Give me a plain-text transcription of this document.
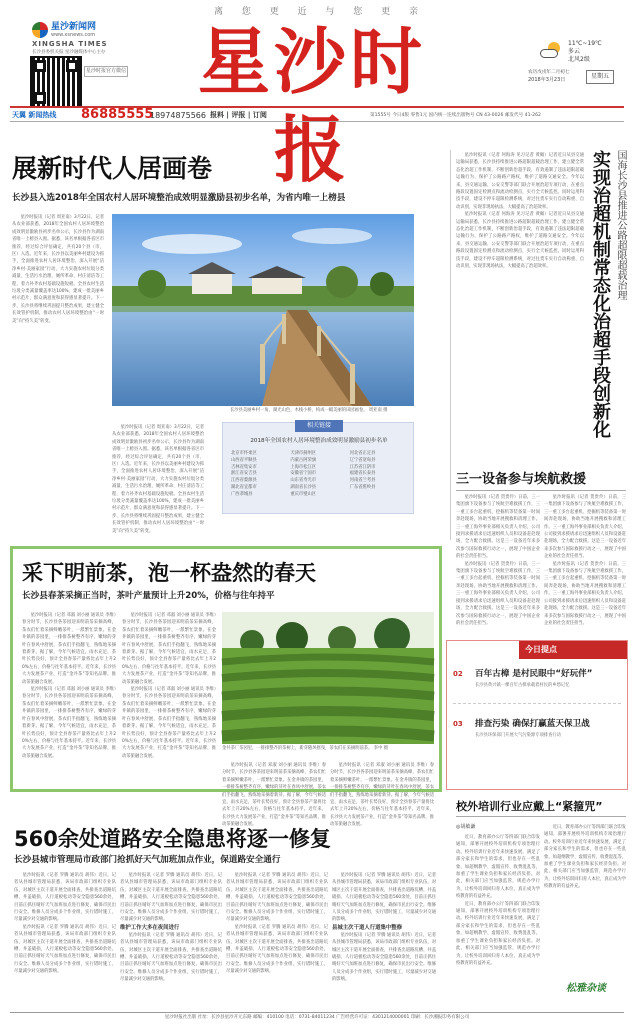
离 您 更 近 与 您 更 亲
星沙新闻网
www.xsnews.com
XINGSHA TIMES
长沙县委机关报 星沙融媒体中心主办
星沙时报官方微信 星沙时报
11℃~19℃
多云
北风2级
农历戊戌年二月初七
2018年3月23日	星期五
天翼 新闻热线 86885555
18974875566 报料 | 评报 | 订阅	第1555号 今日4版 零售1元 国内统一连续出版物号 CN 43-0026 邮发代号 41-262
展新时代人居画卷
长沙县入选2018年全国农村人居环境整治成效明显激励县初步名单，为省内唯一上榜县

星沙时报讯（记者 周亚南）3月22日，记者从农业部获悉，2018年全国农村人居环境整治成效明显激励县初步名单公示，长沙县作为湖南省唯一上榜县入围。据悉，该名单根据各省区市推荐，经过综合评估确定，共有20个县（市、区）入选。近年来，长沙县以美丽乡村建设为抓手，全面推进农村人居环境整治，深入开展“洁净乡村·美丽家园”行动，大力实施农村垃圾分类减量、生活污水治理、厕所革命、村庄清洁等工程，着力补齐农村基础设施短板。全县农村生活垃圾分类减量覆盖率达100%，建成一批美丽乡村示范片，群众满意度和获得感显著提升。下一步，长沙县将继续巩固提升整治成果，建立健全长效管护机制，推动农村人居环境整治由“一时美”向“持久美”转变。

长沙县美丽乡村一角，湖光山色、木栈小桥，构成一幅美丽的田园画卷。 周亚南 摄

星沙时报讯（记者 周亚南）3月22日，记者从农业部获悉，2018年全国农村人居环境整治成效明显激励县初步名单公示，长沙县作为湖南省唯一上榜县入围。据悉，该名单根据各省区市推荐，经过综合评估确定，共有20个县（市、区）入选。近年来，长沙县以美丽乡村建设为抓手，全面推进农村人居环境整治，深入开展“洁净乡村·美丽家园”行动，大力实施农村垃圾分类减量、生活污水治理、厕所革命、村庄清洁等工程，着力补齐农村基础设施短板。全县农村生活垃圾分类减量覆盖率达100%，建成一批美丽乡村示范片，群众满意度和获得感显著提升。下一步，长沙县将继续巩固提升整治成果，建立健全长效管护机制，推动农村人居环境整治由“一时美”向“持久美”转变。

相关链接
2018年全国农村人居环境整治成效明显激励县初步名单
北京市怀柔区	天津市蓟州区	河北省正定县
山西省平顺县	内蒙古阿荣旗	辽宁省宽甸县
吉林省集安市	上海市松江区	江苏省江阴市
浙江省安吉县	安徽省宁国市	福建省长泰县
江西省婺源县	山东省寿光市	河南省兰考县
湖北省宜都市	湖南省长沙县	广东省蕉岭县
广西恭城县	重庆市璧山区

星沙时报讯（记者 何海涛 见习记者 黄佩）记者近日从县交通运输局获悉，长沙县持续推进公路超限超载治理工作，建立健全常态化治超工作机制，不断创新治超手段，有效遏制了违法超限超载运输行为，保护了公路路产路权，维护了道路交通安全。今年以来，县交通运输、公安交警等部门联合开展治超专项行动，在重点路段设置固定检测点和流动检测点，实行全天候监控。同时运用科技手段，建设不停车超限检测系统，对过往货车实行自动称重、自动识别，实现非现场执法，大幅提高了治超效率。

星沙时报讯（记者 何海涛 见习记者 黄佩）记者近日从县交通运输局获悉，长沙县持续推进公路超限超载治理工作，建立健全常态化治超工作机制，不断创新治超手段，有效遏制了违法超限超载运输行为，保护了公路路产路权，维护了道路交通安全。今年以来，县交通运输、公安交警等部门联合开展治超专项行动，在重点路段设置固定检测点和流动检测点，实行全天候监控。同时运用科技手段，建设不停车超限检测系统，对过往货车实行自动称重、自动识别，实现非现场执法，大幅提高了治超效率。	实现治超机制常态化治超手段创新化 国海长沙县推进公路超限超载治理
三一设备参与埃航救援

星沙时报讯（记者 贺贵伶）日前，三一集团旗下设备参与了埃航空难救援工作，三一重工多台起重机、挖掘机等装备第一时间奔赴现场，协助当地开展搜救和清理工作。三一重工海外事业部相关负责人介绍，公司接到求援请求后迅速组织人员和设备赶赴现场，全力配合救援。这是三一设备近年来多次参与国际救援行动之一，展现了中国企业的社会责任担当。

星沙时报讯（记者 贺贵伶）日前，三一集团旗下设备参与了埃航空难救援工作，三一重工多台起重机、挖掘机等装备第一时间奔赴现场，协助当地开展搜救和清理工作。三一重工海外事业部相关负责人介绍，公司接到求援请求后迅速组织人员和设备赶赴现场，全力配合救援。这是三一设备近年来多次参与国际救援行动之一，展现了中国企业的社会责任担当。

星沙时报讯（记者 贺贵伶）日前，三一集团旗下设备参与了埃航空难救援工作，三一重工多台起重机、挖掘机等装备第一时间奔赴现场，协助当地开展搜救和清理工作。三一重工海外事业部相关负责人介绍，公司接到求援请求后迅速组织人员和设备赶赴现场，全力配合救援。这是三一设备近年来多次参与国际救援行动之一，展现了中国企业的社会责任担当。

星沙时报讯（记者 贺贵伶）日前，三一集团旗下设备参与了埃航空难救援工作，三一重工多台起重机、挖掘机等装备第一时间奔赴现场，协助当地开展搜救和清理工作。三一重工海外事业部相关负责人介绍，公司接到求援请求后迅速组织人员和设备赶赴现场，全力配合救援。这是三一设备近年来多次参与国际救援行动之一，展现了中国企业的社会责任担当。

今日提点
02 百年古樟 是村民眼中“好玩伴”
长沙县黄兴镇一棵百年古樟承载着村民的乡愁记忆
03 排查污染 确保打赢蓝天保卫战
长沙县环保部门开展大气污染源专项排查行动
校外培训行业应戴上“紧箍咒”
◎胡敏谦

近日，教育部办公厅等四部门联合印发通知，部署开展校外培训机构专项治理行动。校外培训行业近年来快速发展，满足了部分家长和学生的需求，但也存在一些乱象，如超纲教学、虚假宣传、收费混乱等，加重了学生课业负担和家长经济负担。对此，相关部门应当加强监管，规范办学行为，让校外培训回归育人本位，真正成为学校教育的有益补充。

近日，教育部办公厅等四部门联合印发通知，部署开展校外培训机构专项治理行动。校外培训行业近年来快速发展，满足了部分家长和学生的需求，但也存在一些乱象，如超纲教学、虚假宣传、收费混乱等，加重了学生课业负担和家长经济负担。对此，相关部门应当加强监管，规范办学行为，让校外培训回归育人本位，真正成为学校教育的有益补充。

近日，教育部办公厅等四部门联合印发通知，部署开展校外培训机构专项治理行动。校外培训行业近年来快速发展，满足了部分家长和学生的需求，但也存在一些乱象，如超纲教学、虚假宣传、收费混乱等，加重了学生课业负担和家长经济负担。对此，相关部门应当加强监管，规范办学行为，让校外培训回归育人本位，真正成为学校教育的有益补充。

松雅杂谈
采下明前茶，泡一杯盎然的春天
长沙县春茶采摘正当时，茶叶产量预计上升20%，价格与往年持平

星沙时报讯（记者 邓淑 刘小丽 通讯员 李维）春分时节，长沙县各茶园迎来明前茶采摘高峰，茶农们忙着采摘鲜嫩茶叶，一派繁忙景象。在金井镇的茶园里，一排排茶树整齐有序，嫩绿的芽叶在春风中舒展，茶农们手指翻飞，熟练地采摘着新芽。据了解，今年气候适宜，雨水充足，茶叶长势良好，预计全县春茶产量将比去年上升20%左右，价格与往年基本持平。近年来，长沙县大力发展茶产业，打造“金井茶”等知名品牌，推动茶旅融合发展。

星沙时报讯（记者 邓淑 刘小丽 通讯员 李维）春分时节，长沙县各茶园迎来明前茶采摘高峰，茶农们忙着采摘鲜嫩茶叶，一派繁忙景象。在金井镇的茶园里，一排排茶树整齐有序，嫩绿的芽叶在春风中舒展，茶农们手指翻飞，熟练地采摘着新芽。据了解，今年气候适宜，雨水充足，茶叶长势良好，预计全县春茶产量将比去年上升20%左右，价格与往年基本持平。近年来，长沙县大力发展茶产业，打造“金井茶”等知名品牌，推动茶旅融合发展。

星沙时报讯（记者 邓淑 刘小丽 通讯员 李维）春分时节，长沙县各茶园迎来明前茶采摘高峰，茶农们忙着采摘鲜嫩茶叶，一派繁忙景象。在金井镇的茶园里，一排排茶树整齐有序，嫩绿的芽叶在春风中舒展，茶农们手指翻飞，熟练地采摘着新芽。据了解，今年气候适宜，雨水充足，茶叶长势良好，预计全县春茶产量将比去年上升20%左右，价格与往年基本持平。近年来，长沙县大力发展茶产业，打造“金井茶”等知名品牌，推动茶旅融合发展。

星沙时报讯（记者 邓淑 刘小丽 通讯员 李维）春分时节，长沙县各茶园迎来明前茶采摘高峰，茶农们忙着采摘鲜嫩茶叶，一派繁忙景象。在金井镇的茶园里，一排排茶树整齐有序，嫩绿的芽叶在春风中舒展，茶农们手指翻飞，熟练地采摘着新芽。据了解，今年气候适宜，雨水充足，茶叶长势良好，预计全县春茶产量将比去年上升20%左右，价格与往年基本持平。近年来，长沙县大力发展茶产业，打造“金井茶”等知名品牌，推动茶旅融合发展。

金井茶厂茶园里，一排排整齐的茶树上，新芽随风摇曳，茶农们在采摘明前茶。 李中 摄

星沙时报讯（记者 邓淑 刘小丽 通讯员 李维）春分时节，长沙县各茶园迎来明前茶采摘高峰，茶农们忙着采摘鲜嫩茶叶，一派繁忙景象。在金井镇的茶园里，一排排茶树整齐有序，嫩绿的芽叶在春风中舒展，茶农们手指翻飞，熟练地采摘着新芽。据了解，今年气候适宜，雨水充足，茶叶长势良好，预计全县春茶产量将比去年上升20%左右，价格与往年基本持平。近年来，长沙县大力发展茶产业，打造“金井茶”等知名品牌，推动茶旅融合发展。

星沙时报讯（记者 邓淑 刘小丽 通讯员 李维）春分时节，长沙县各茶园迎来明前茶采摘高峰，茶农们忙着采摘鲜嫩茶叶，一派繁忙景象。在金井镇的茶园里，一排排茶树整齐有序，嫩绿的芽叶在春风中舒展，茶农们手指翻飞，熟练地采摘着新芽。据了解，今年气候适宜，雨水充足，茶叶长势良好，预计全县春茶产量将比去年上升20%左右，价格与往年基本持平。近年来，长沙县大力发展茶产业，打造“金井茶”等知名品牌，推动茶旅融合发展。

560余处道路安全隐患将逐一修复
长沙县城市管理局市政部门抢抓好天气加班加点作业，保道路安全通行

星沙时报讯（记者 罗腾 通讯员 胡伟）近日，记者从县城市管理局获悉，该局市政部门组织专业队伍，对城区主次干道开展全面排查，共排查出道路坑槽、井盖破损、人行道板松动等安全隐患560余处，目前正抓住晴好天气加班加点进行修复，确保市民出行安全。维修人员分成多个作业组，实行错时施工，尽量减少对交通的影响。

星沙时报讯（记者 罗腾 通讯员 胡伟）近日，记者从县城市管理局获悉，该局市政部门组织专业队伍，对城区主次干道开展全面排查，共排查出道路坑槽、井盖破损、人行道板松动等安全隐患560余处，目前正抓住晴好天气加班加点进行修复，确保市民出行安全。维修人员分成多个作业组，实行错时施工，尽量减少对交通的影响。

星沙时报讯（记者 罗腾 通讯员 胡伟）近日，记者从县城市管理局获悉，该局市政部门组织专业队伍，对城区主次干道开展全面排查，共排查出道路坑槽、井盖破损、人行道板松动等安全隐患560余处，目前正抓住晴好天气加班加点进行修复，确保市民出行安全。维修人员分成多个作业组，实行错时施工，尽量减少对交通的影响。

维护工作大多在夜间进行

星沙时报讯（记者 罗腾 通讯员 胡伟）近日，记者从县城市管理局获悉，该局市政部门组织专业队伍，对城区主次干道开展全面排查，共排查出道路坑槽、井盖破损、人行道板松动等安全隐患560余处，目前正抓住晴好天气加班加点进行修复，确保市民出行安全。维修人员分成多个作业组，实行错时施工，尽量减少对交通的影响。

星沙时报讯（记者 罗腾 通讯员 胡伟）近日，记者从县城市管理局获悉，该局市政部门组织专业队伍，对城区主次干道开展全面排查，共排查出道路坑槽、井盖破损、人行道板松动等安全隐患560余处，目前正抓住晴好天气加班加点进行修复，确保市民出行安全。维修人员分成多个作业组，实行错时施工，尽量减少对交通的影响。

星沙时报讯（记者 罗腾 通讯员 胡伟）近日，记者从县城市管理局获悉，该局市政部门组织专业队伍，对城区主次干道开展全面排查，共排查出道路坑槽、井盖破损、人行道板松动等安全隐患560余处，目前正抓住晴好天气加班加点进行修复，确保市民出行安全。维修人员分成多个作业组，实行错时施工，尽量减少对交通的影响。

星沙时报讯（记者 罗腾 通讯员 胡伟）近日，记者从县城市管理局获悉，该局市政部门组织专业队伍，对城区主次干道开展全面排查，共排查出道路坑槽、井盖破损、人行道板松动等安全隐患560余处，目前正抓住晴好天气加班加点进行修复，确保市民出行安全。维修人员分成多个作业组，实行错时施工，尽量减少对交通的影响。

县城主次干道人行道集中整修

星沙时报讯（记者 罗腾 通讯员 胡伟）近日，记者从县城市管理局获悉，该局市政部门组织专业队伍，对城区主次干道开展全面排查，共排查出道路坑槽、井盖破损、人行道板松动等安全隐患560余处，目前正抓住晴好天气加班加点进行修复，确保市民出行安全。维修人员分成多个作业组，实行错时施工，尽量减少对交通的影响。

星沙时报社出版 社址：长沙县星沙开元东路 邮编：410100 电话：0731-84011234 广告经营许可证：4301214000001 印刷：长沙湘报印务有限公司
